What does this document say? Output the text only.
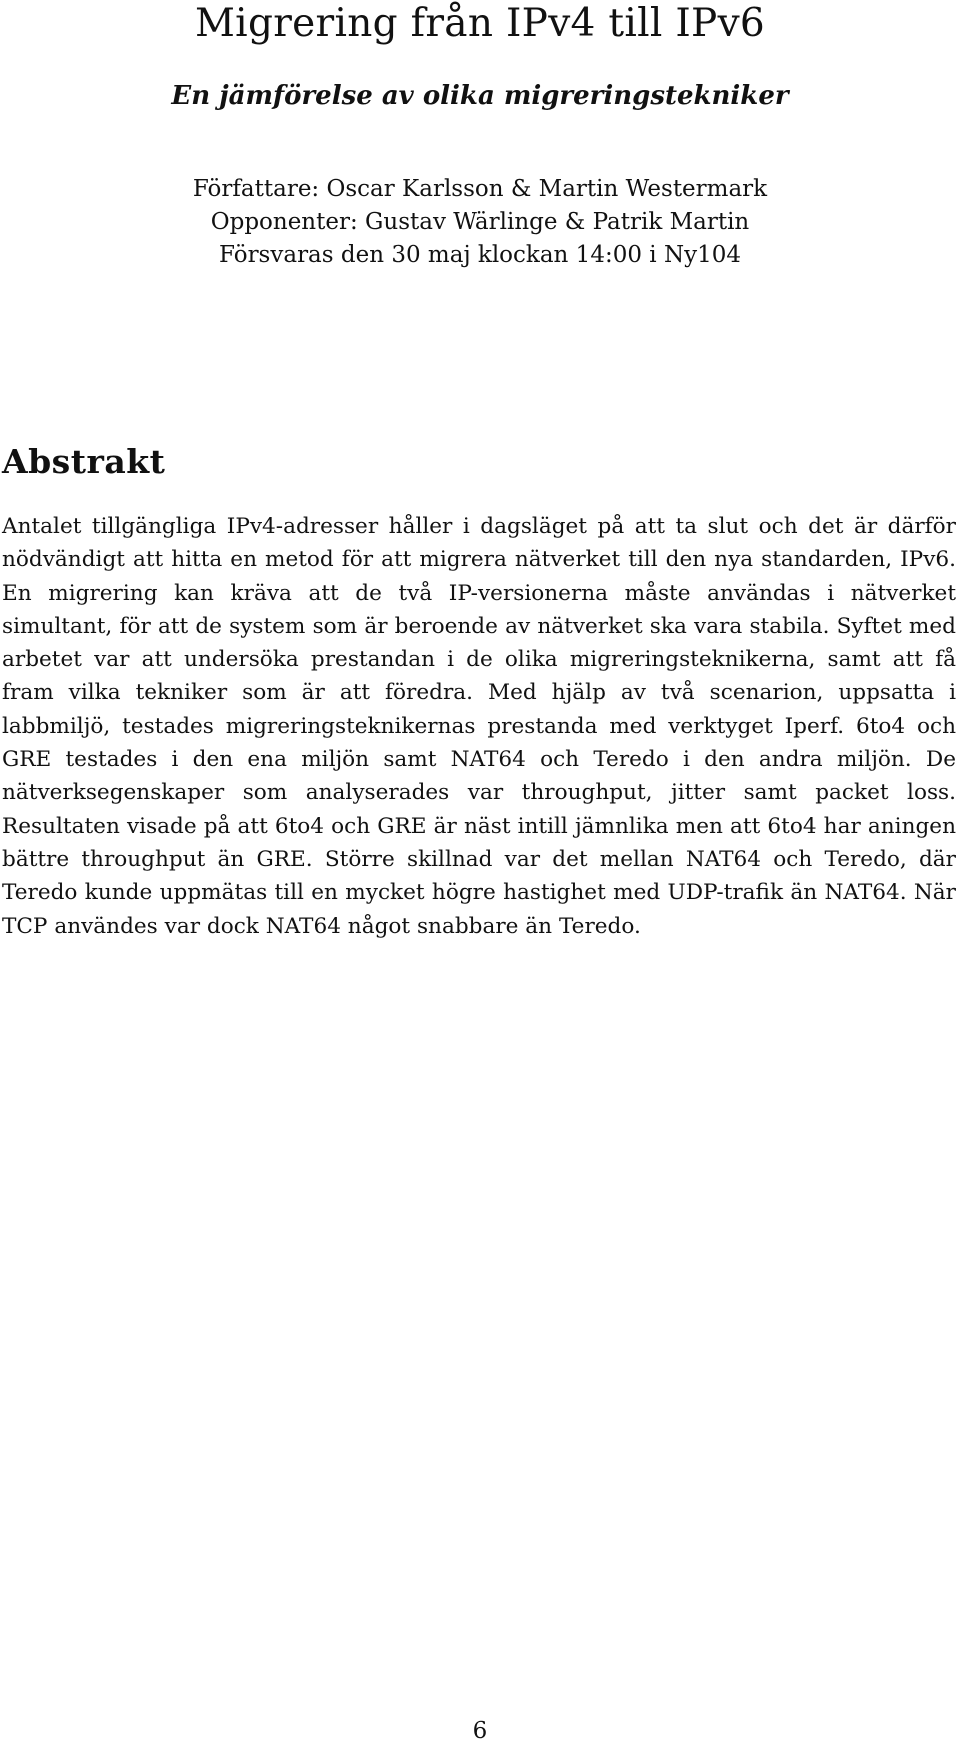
Migrering från IPv4 till IPv6
En jämförelse av olika migreringstekniker
Författare: Oscar Karlsson & Martin Westermark
Opponenter: Gustav Wärlinge & Patrik Martin
Försvaras den 30 maj klockan 14:00 i Ny104
Abstrakt

Antalet tillgängliga IPv4-adresser håller i dagsläget på att ta slut och det är därför nödvändigt att hitta en metod för att migrera nätverket till den nya standarden, IPv6. En migrering kan kräva att de två IP-versionerna måste användas i nätverket simultant, för att de system som är beroende av nätverket ska vara stabila. Syftet med arbetet var att undersöka prestandan i de olika migreringsteknikerna, samt att få fram vilka tekniker som är att föredra. Med hjälp av två scenarion, uppsatta i labbmiljö, testades migreringsteknikernas prestanda med verktyget Iperf. 6to4 och GRE testades i den ena miljön samt NAT64 och Teredo i den andra miljön. De nätverksegenskaper som analyserades var throughput, jitter samt packet loss. Resultaten visade på att 6to4 och GRE är näst intill jämnlika men att 6to4 har aningen bättre throughput än GRE. Större skillnad var det mellan NAT64 och Teredo, där Teredo kunde uppmätas till en mycket högre hastighet med UDP-trafik än NAT64. När TCP användes var dock NAT64 något snabbare än Teredo.

6
